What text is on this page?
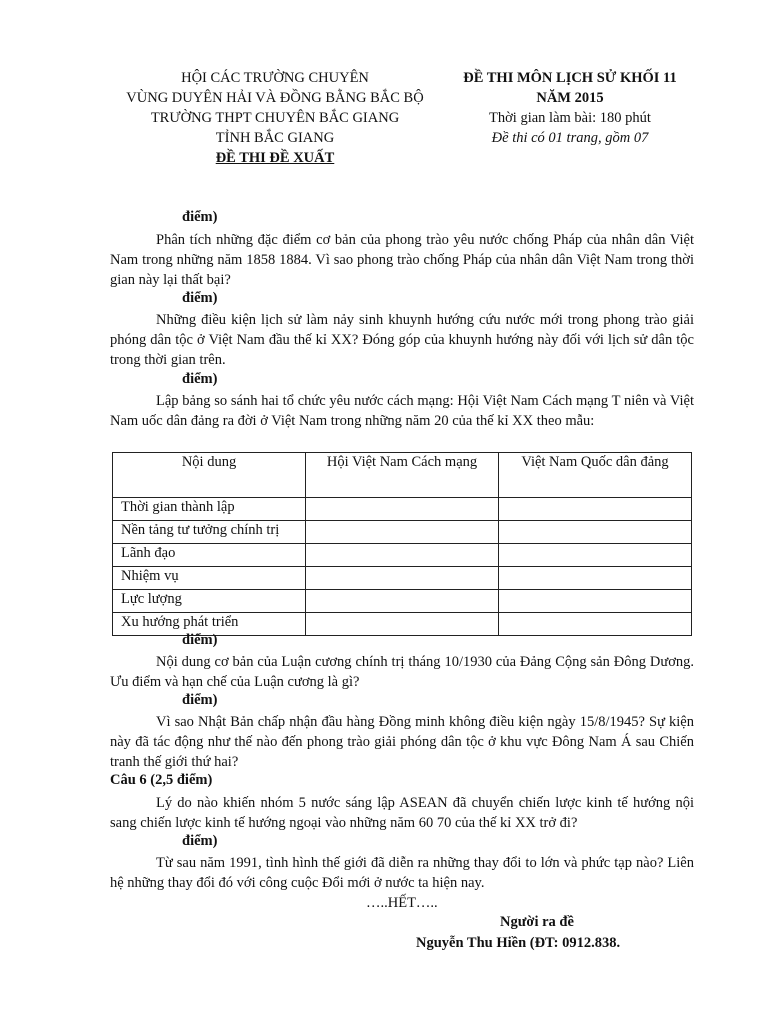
HỘI CÁC TRƯỜNG CHUYÊN
VÙNG DUYÊN HẢI VÀ ĐỒNG BẰNG BẮC BỘ
TRƯỜNG THPT CHUYÊN BẮC GIANG
TỈNH BẮC GIANG
ĐỀ THI ĐỀ XUẤT
ĐỀ THI MÔN LỊCH SỬ KHỐI 11
NĂM 2015
Thời gian làm bài: 180 phút
Đề thi có 01 trang, gồm 07
điểm)
Phân tích những đặc điểm cơ bản của phong trào yêu nước chống Pháp của nhân dân Việt Nam trong những năm 1858 1884. Vì sao phong trào chống Pháp của nhân dân Việt Nam trong thời gian này lại thất bại?
điểm)
Những điều kiện lịch sử làm nảy sinh khuynh hướng cứu nước mới trong phong trào giải phóng dân tộc ở Việt Nam đầu thế kỉ XX? Đóng góp của khuynh hướng này đối với lịch sử dân tộc trong thời gian trên.
điểm)
Lập bảng so sánh hai tổ chức yêu nước cách mạng: Hội Việt Nam Cách mạng T niên và Việt Nam uốc dân đảng ra đời ở Việt Nam trong những năm 20 của thế kỉ XX theo mẫu:
Nội dung	Hội Việt Nam Cách mạng	Việt Nam Quốc dân đảng
Thời gian thành lập		
Nền tảng tư tưởng chính trị		
Lãnh đạo		
Nhiệm vụ		
Lực lượng		
Xu hướng phát triển		
điểm)
Nội dung cơ bản của Luận cương chính trị tháng 10/1930 của Đảng Cộng sản Đông Dương. Ưu điểm và hạn chế của Luận cương là gì?
điểm)
Vì sao Nhật Bản chấp nhận đầu hàng Đồng minh không điều kiện ngày 15/8/1945? Sự kiện này đã tác động như thế nào đến phong trào giải phóng dân tộc ở khu vực Đông Nam Á sau Chiến tranh thế giới thứ hai?
Câu 6 (2,5 điểm)
Lý do nào khiến nhóm 5 nước sáng lập ASEAN đã chuyển chiến lược kinh tế hướng nội sang chiến lược kinh tế hướng ngoại vào những năm 60 70 của thế kỉ XX trở đi?
điểm)
Từ sau năm 1991, tình hình thế giới đã diễn ra những thay đổi to lớn và phức tạp nào? Liên hệ những thay đổi đó với công cuộc Đổi mới ở nước ta hiện nay.
…..HẾT…..
Người ra đề
Nguyễn Thu Hiền (ĐT: 0912.838.
